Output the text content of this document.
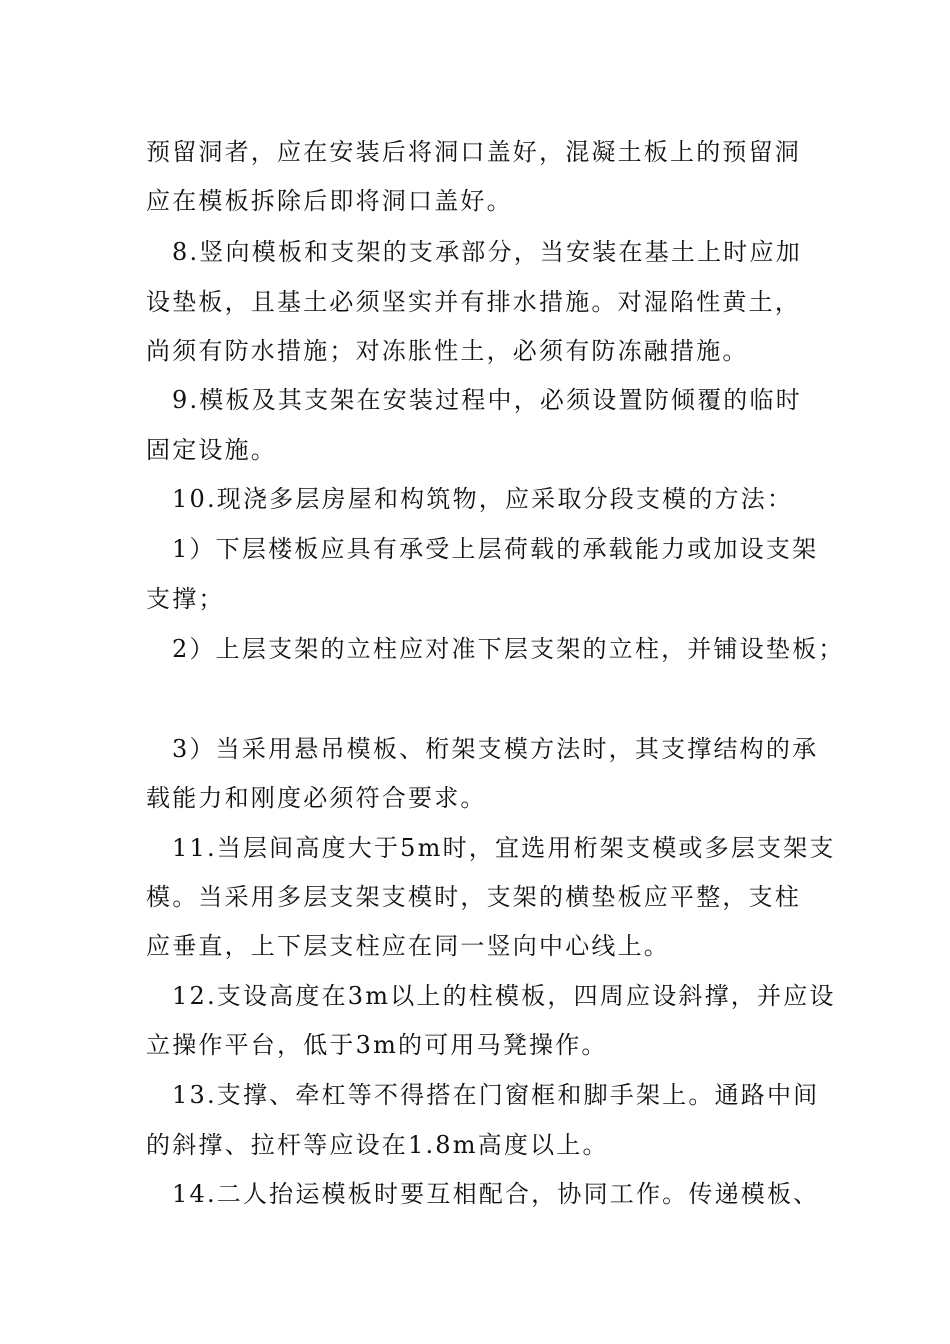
预留洞者，应在安装后将洞口盖好，混凝土板上的预留洞
应在模板拆除后即将洞口盖好。
8.竖向模板和支架的支承部分，当安装在基土上时应加
设垫板，且基土必须坚实并有排水措施。对湿陷性黄土，
尚须有防水措施；对冻胀性土，必须有防冻融措施。
9.模板及其支架在安装过程中，必须设置防倾覆的临时
固定设施。
10.现浇多层房屋和构筑物，应采取分段支模的方法：
1）下层楼板应具有承受上层荷载的承载能力或加设支架
支撑；
2）上层支架的立柱应对准下层支架的立柱，并铺设垫板；
3）当采用悬吊模板、桁架支模方法时，其支撑结构的承
载能力和刚度必须符合要求。
11.当层间高度大于5m时，宜选用桁架支模或多层支架支
模。当采用多层支架支模时，支架的横垫板应平整，支柱
应垂直，上下层支柱应在同一竖向中心线上。
12.支设高度在3m以上的柱模板，四周应设斜撑，并应设
立操作平台，低于3m的可用马凳操作。
13.支撑、牵杠等不得搭在门窗框和脚手架上。通路中间
的斜撑、拉杆等应设在1.8m高度以上。
14.二人抬运模板时要互相配合，协同工作。传递模板、
